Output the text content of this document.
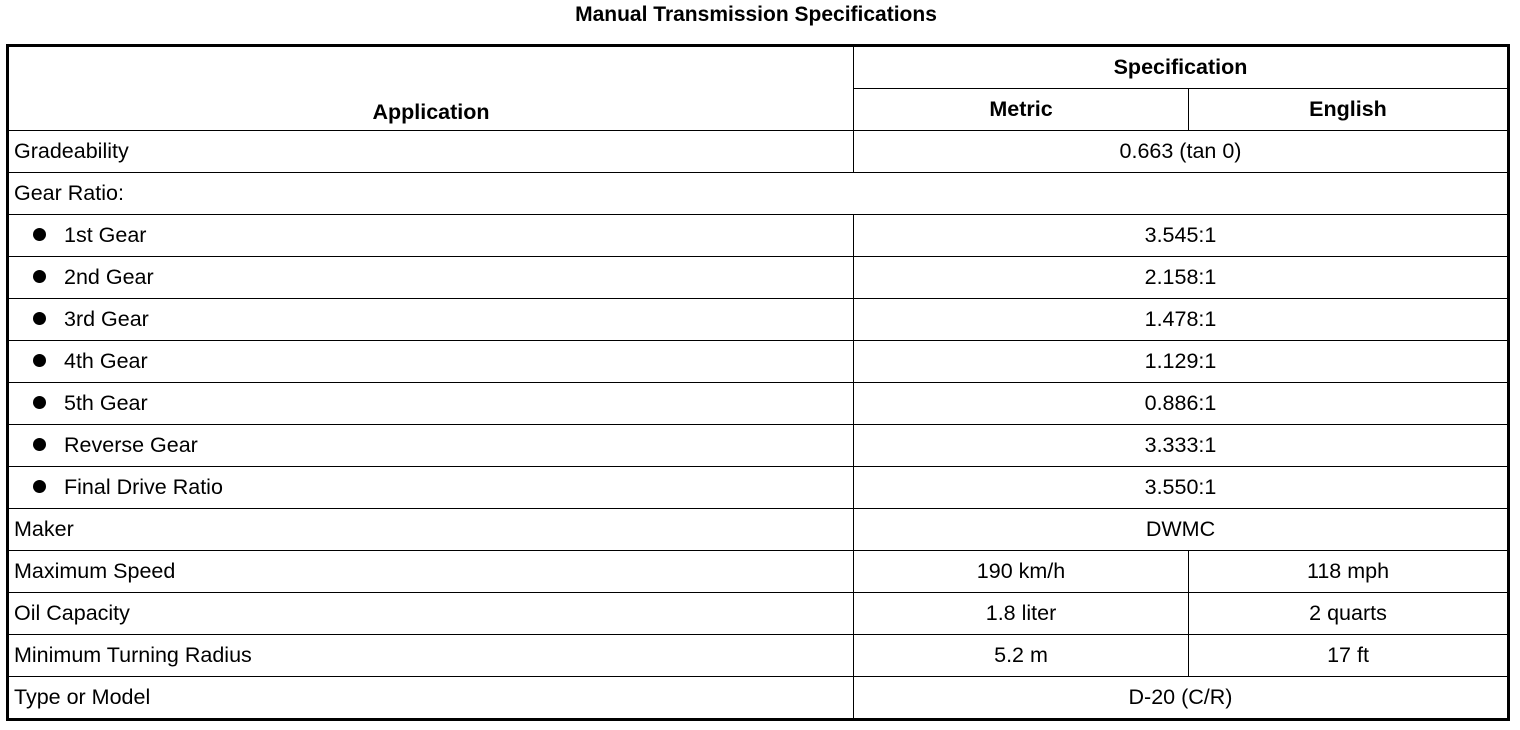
Manual Transmission Specifications
Application	Specification	
	Metric	English
Gradeability	0.663 (tan 0)	
Gear Ratio:		
1st Gear	3.545:1	
2nd Gear	2.158:1	
3rd Gear	1.478:1	
4th Gear	1.129:1	
5th Gear	0.886:1	
Reverse Gear	3.333:1	
Final Drive Ratio	3.550:1	
Maker	DWMC	
Maximum Speed	190 km/h	118 mph
Oil Capacity	1.8 liter	2 quarts
Minimum Turning Radius	5.2 m	17 ft
Type or Model	D-20 (C/R)	
